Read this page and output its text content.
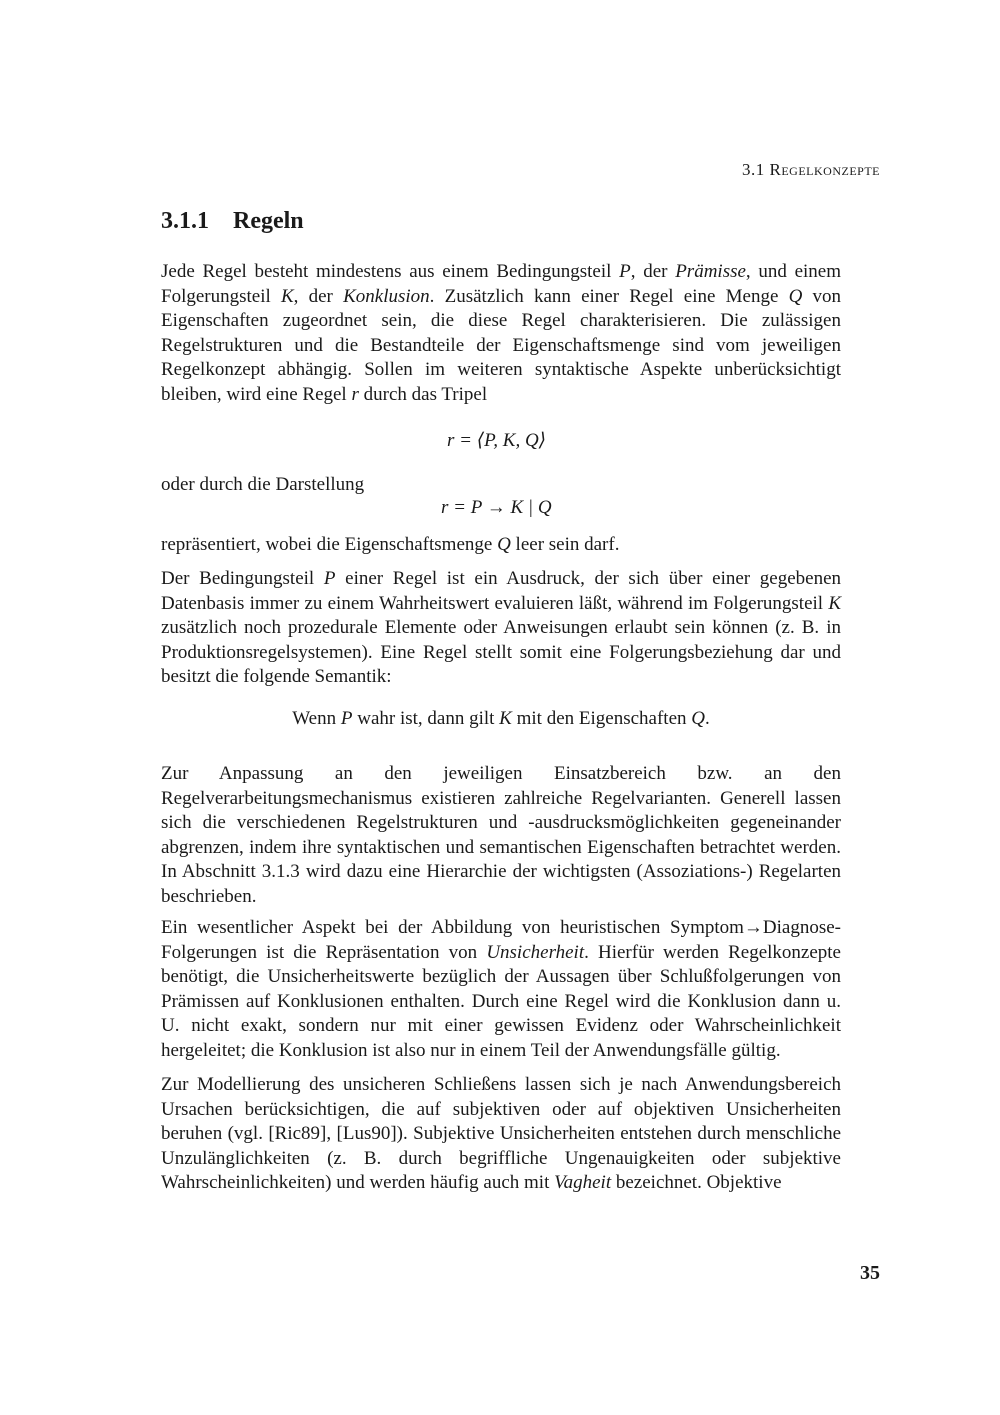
3.1 Regelkonzepte
3.1.1 Regeln

Jede Regel besteht mindestens aus einem Bedingungsteil P, der Prämisse, und einem Folgerungsteil K, der Konklusion. Zusätzlich kann einer Regel eine Menge Q von Eigenschaften zugeordnet sein, die diese Regel charakterisieren. Die zulässigen Regelstrukturen und die Bestandteile der Eigenschaftsmenge sind vom jeweiligen Regelkonzept abhängig. Sollen im weiteren syntaktische Aspekte unberücksichtigt bleiben, wird eine Regel r durch das Tripel

r = ⟨P, K, Q⟩
oder durch die Darstellung
r = P → K | Q

repräsentiert, wobei die Eigenschaftsmenge Q leer sein darf.

Der Bedingungsteil P einer Regel ist ein Ausdruck, der sich über einer gegebenen Datenbasis immer zu einem Wahrheitswert evaluieren läßt, während im Folgerungsteil K zusätzlich noch prozedurale Elemente oder Anweisungen erlaubt sein können (z. B. in Produktionsregelsystemen). Eine Regel stellt somit eine Folgerungsbeziehung dar und besitzt die folgende Semantik:

Wenn P wahr ist, dann gilt K mit den Eigenschaften Q.
Zur Anpassung an den jeweiligen Einsatzbereich bzw. an den Regelverarbeitungsmechanismus existieren zahlreiche Regelvarianten. Generell lassen sich die verschiedenen Regelstrukturen und -ausdrucksmöglichkeiten gegeneinander abgrenzen, indem ihre syntaktischen und semantischen Eigenschaften betrachtet werden. In Abschnitt 3.1.3 wird dazu eine Hierarchie der wichtigsten (Assoziations-) Regelarten beschrieben.

Ein wesentlicher Aspekt bei der Abbildung von heuristischen Symptom→Diagnose-Folgerungen ist die Repräsentation von Unsicherheit. Hierfür werden Regelkonzepte benötigt, die Unsicherheitswerte bezüglich der Aussagen über Schlußfolgerungen von Prämissen auf Konklusionen enthalten. Durch eine Regel wird die Konklusion dann u. U. nicht exakt, sondern nur mit einer gewissen Evidenz oder Wahrscheinlichkeit hergeleitet; die Konklusion ist also nur in einem Teil der Anwendungsfälle gültig.

Zur Modellierung des unsicheren Schließens lassen sich je nach Anwendungsbereich Ursachen berücksichtigen, die auf subjektiven oder auf objektiven Unsicherheiten beruhen (vgl. [Ric89], [Lus90]). Subjektive Unsicherheiten entstehen durch menschliche Unzulänglichkeiten (z. B. durch begriffliche Ungenauigkeiten oder subjektive Wahrscheinlichkeiten) und werden häufig auch mit Vagheit bezeichnet. Objektive

35
